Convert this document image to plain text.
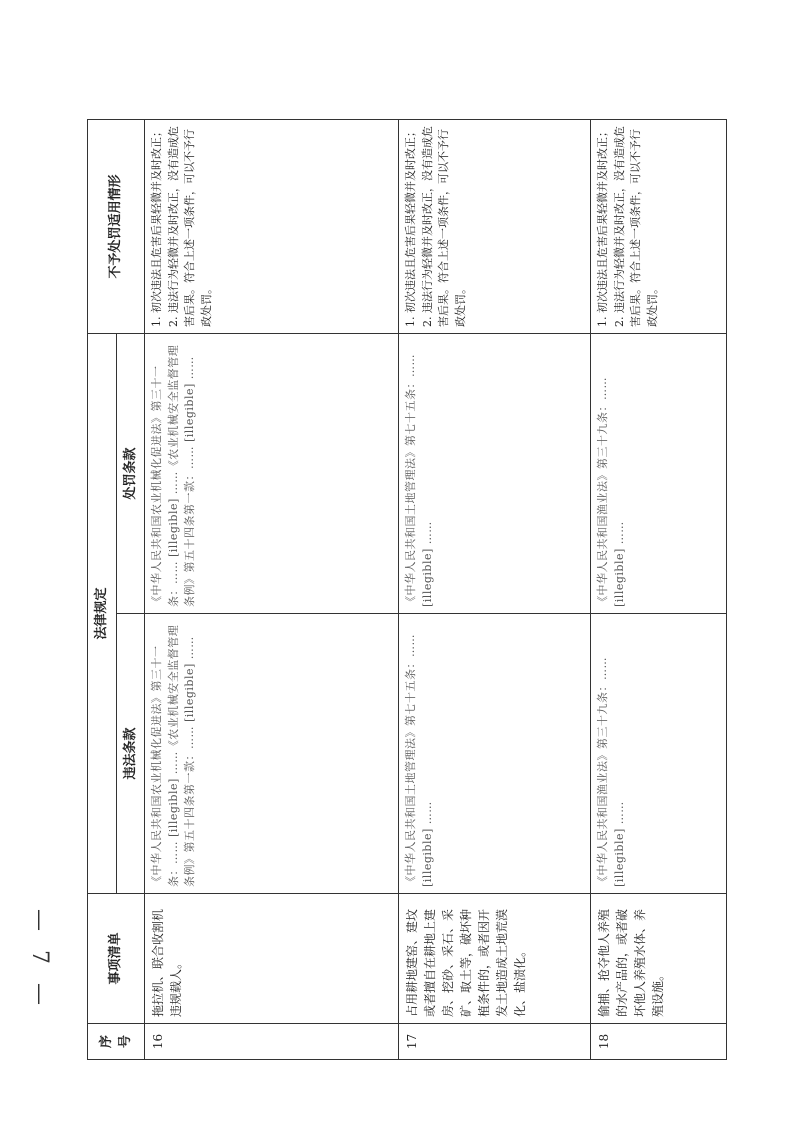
序号	事项清单	法律规定		不予处罚适用情形
		违法条款	处罚条款	
16	拖拉机、联合收割机违规载人。	《中华人民共和国农业机械化促进法》第三十一条：…… [illegible] ……《农业机械安全监督管理条例》第五十四条第一款：…… [illegible] ……	《中华人民共和国农业机械化促进法》第三十一条：…… [illegible] ……《农业机械安全监督管理条例》第五十四条第一款：…… [illegible] ……	1. 初次违法且危害后果轻微并及时改正；2. 违法行为轻微并及时改正，没有造成危害后果。符合上述一项条件，可以不予行政处罚。
17	占用耕地建窑、建坟或者擅自在耕地上建房、挖砂、采石、采矿、取土等，破坏种植条件的，或者因开发土地造成土地荒漠化、盐渍化。	《中华人民共和国土地管理法》第七十五条：…… [illegible] ……	《中华人民共和国土地管理法》第七十五条：…… [illegible] ……	1. 初次违法且危害后果轻微并及时改正；2. 违法行为轻微并及时改正，没有造成危害后果。符合上述一项条件，可以不予行政处罚。
18	偷捕、抢夺他人养殖的水产品的，或者破坏他人养殖水体、养殖设施。	《中华人民共和国渔业法》第三十九条：…… [illegible] ……	《中华人民共和国渔业法》第三十九条：…… [illegible] ……	1. 初次违法且危害后果轻微并及时改正；2. 违法行为轻微并及时改正，没有造成危害后果。符合上述一项条件，可以不予行政处罚。
— 7 —
